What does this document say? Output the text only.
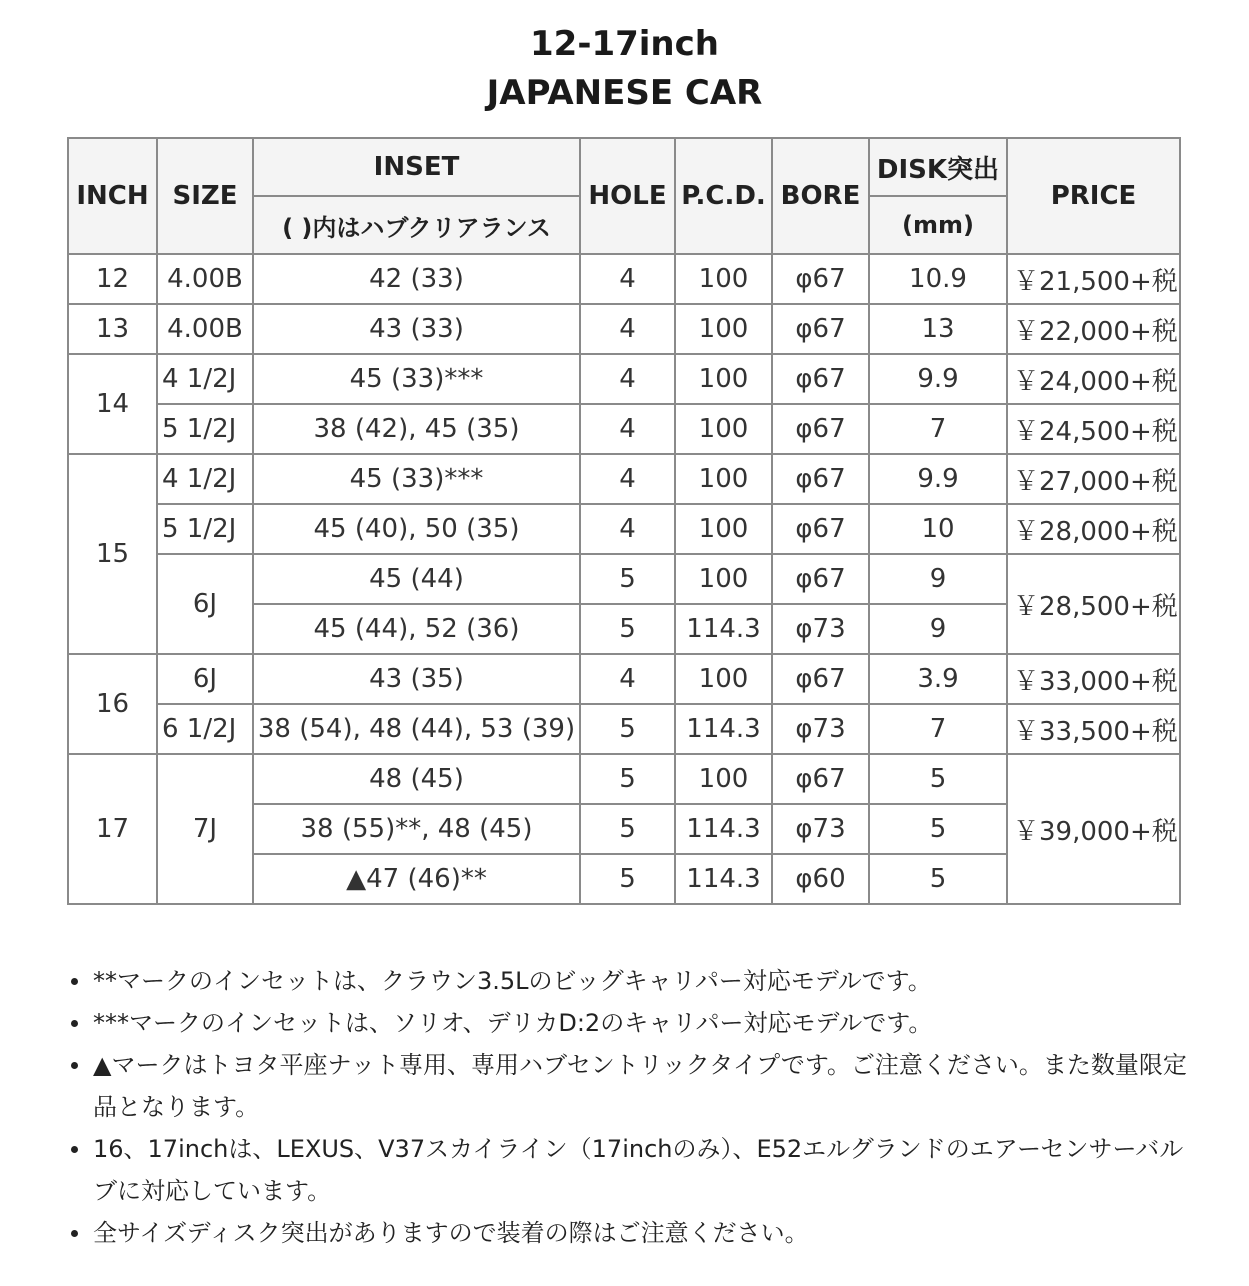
12-17inch
JAPANESE CAR
INCH	SIZE	INSET	HOLE	P.C.D.	BORE	DISK突出	PRICE
		( )内はハブクリアランス				(mm)	
12	4.00B	42 (33)	4	100	φ67	10.9	￥21,500+税
13	4.00B	43 (33)	4	100	φ67	13	￥22,000+税
14	4 1/2J	45 (33)***	4	100	φ67	9.9	￥24,000+税
	5 1/2J	38 (42), 45 (35)	4	100	φ67	7	￥24,500+税
15	4 1/2J	45 (33)***	4	100	φ67	9.9	￥27,000+税
	5 1/2J	45 (40), 50 (35)	4	100	φ67	10	￥28,000+税
	6J	45 (44)	5	100	φ67	9	￥28,500+税
		45 (44), 52 (36)	5	114.3	φ73	9	
16	6J	43 (35)	4	100	φ67	3.9	￥33,000+税
	6 1/2J	38 (54), 48 (44), 53 (39)	5	114.3	φ73	7	￥33,500+税
17	7J	48 (45)	5	100	φ67	5	￥39,000+税
		38 (55)**, 48 (45)	5	114.3	φ73	5	
		▲47 (46)**	5	114.3	φ60	5	
**マークのインセットは、クラウン3.5Lのビッグキャリパー対応モデルです。
***マークのインセットは、ソリオ、デリカD:2のキャリパー対応モデルです。
▲マークはトヨタ平座ナット専用、専用ハブセントリックタイプです。ご注意ください。また数量限定品となります。
16、17inchは、LEXUS、V37スカイライン（17inchのみ）、E52エルグランドのエアーセンサーバルブに対応しています。
全サイズディスク突出がありますので装着の際はご注意ください。
